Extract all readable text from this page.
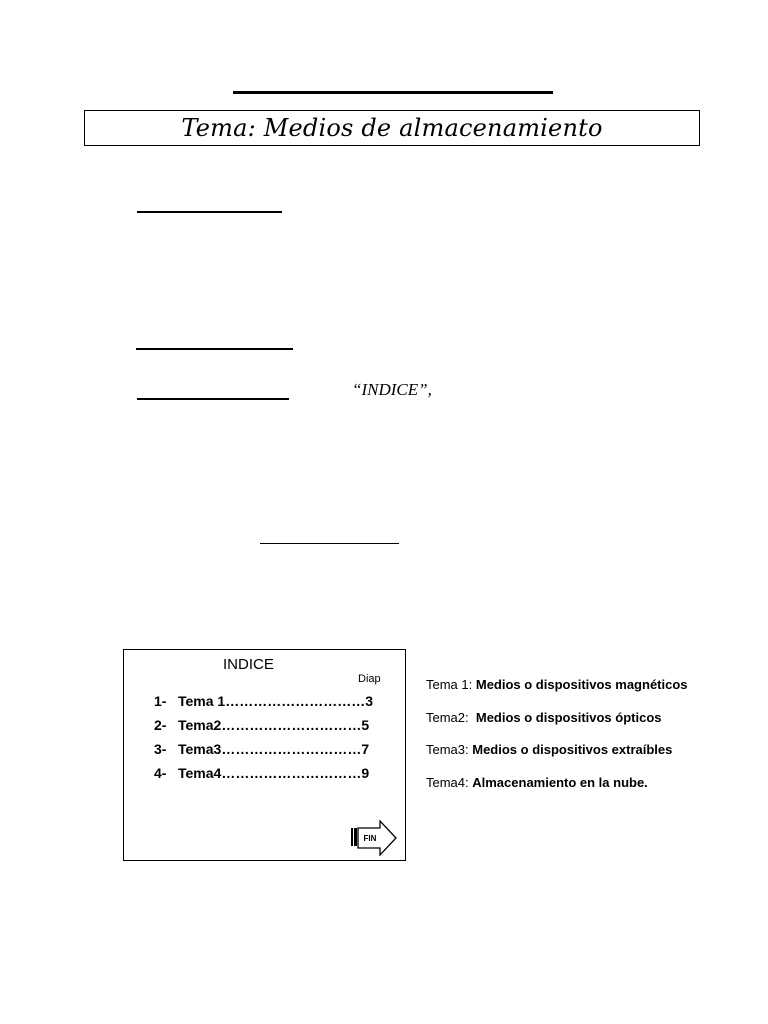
Tema: Medios de almacenamiento
“INDICE”,
INDICE
Diap
1- Tema 1…………………………3
2- Tema2…………………………5
3- Tema3…………………………7
4- Tema4…………………………9
FIN
Tema 1: Medios o dispositivos magnéticos
Tema2:  Medios o dispositivos ópticos
Tema3: Medios o dispositivos extraíbles
Tema4: Almacenamiento en la nube.
